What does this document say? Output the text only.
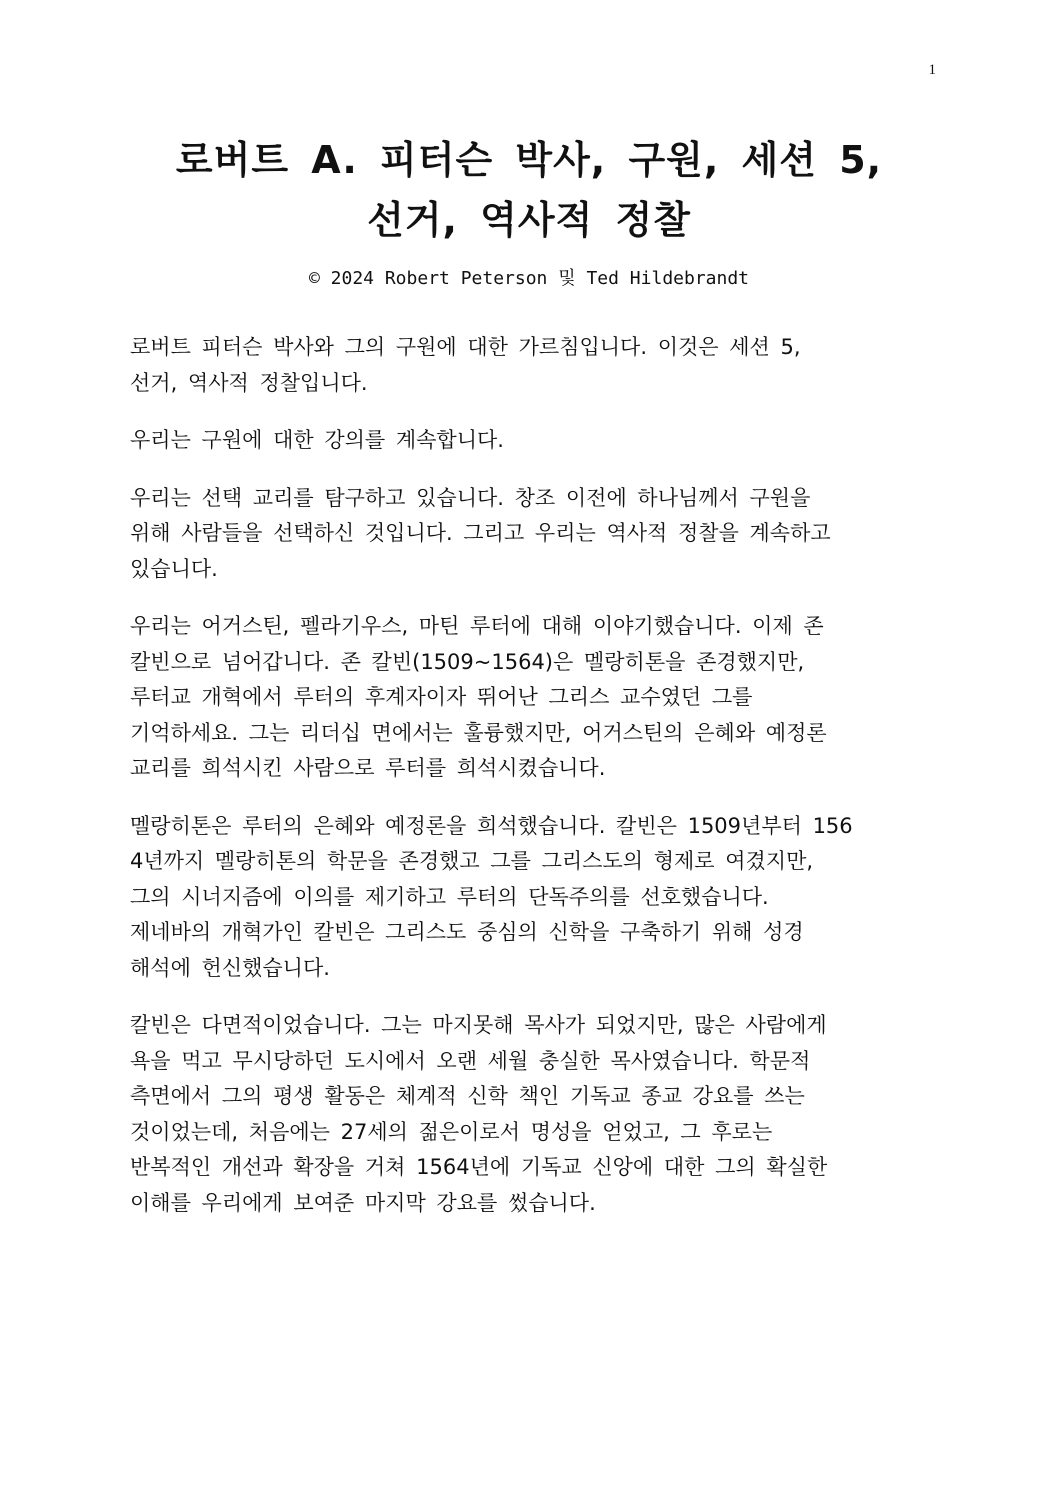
1
로버트 A. 피터슨 박사, 구원, 세션 5,
선거, 역사적 정찰
© 2024 Robert Peterson 및 Ted Hildebrandt
로버트 피터슨 박사와 그의 구원에 대한 가르침입니다. 이것은 세션 5,
선거, 역사적 정찰입니다.
우리는 구원에 대한 강의를 계속합니다.
우리는 선택 교리를 탐구하고 있습니다. 창조 이전에 하나님께서 구원을
위해 사람들을 선택하신 것입니다. 그리고 우리는 역사적 정찰을 계속하고
있습니다.
우리는 어거스틴, 펠라기우스, 마틴 루터에 대해 이야기했습니다. 이제 존
칼빈으로 넘어갑니다. 존 칼빈(1509~1564)은 멜랑히톤을 존경했지만,
루터교 개혁에서 루터의 후계자이자 뛰어난 그리스 교수였던 그를
기억하세요. 그는 리더십 면에서는 훌륭했지만, 어거스틴의 은혜와 예정론
교리를 희석시킨 사람으로 루터를 희석시켰습니다.
멜랑히톤은 루터의 은혜와 예정론을 희석했습니다. 칼빈은 1509년부터 156
4년까지 멜랑히톤의 학문을 존경했고 그를 그리스도의 형제로 여겼지만,
그의 시너지즘에 이의를 제기하고 루터의 단독주의를 선호했습니다.
제네바의 개혁가인 칼빈은 그리스도 중심의 신학을 구축하기 위해 성경
해석에 헌신했습니다.
칼빈은 다면적이었습니다. 그는 마지못해 목사가 되었지만, 많은 사람에게
욕을 먹고 무시당하던 도시에서 오랜 세월 충실한 목사였습니다. 학문적
측면에서 그의 평생 활동은 체계적 신학 책인 기독교 종교 강요를 쓰는
것이었는데, 처음에는 27세의 젊은이로서 명성을 얻었고, 그 후로는
반복적인 개선과 확장을 거쳐 1564년에 기독교 신앙에 대한 그의 확실한
이해를 우리에게 보여준 마지막 강요를 썼습니다.
